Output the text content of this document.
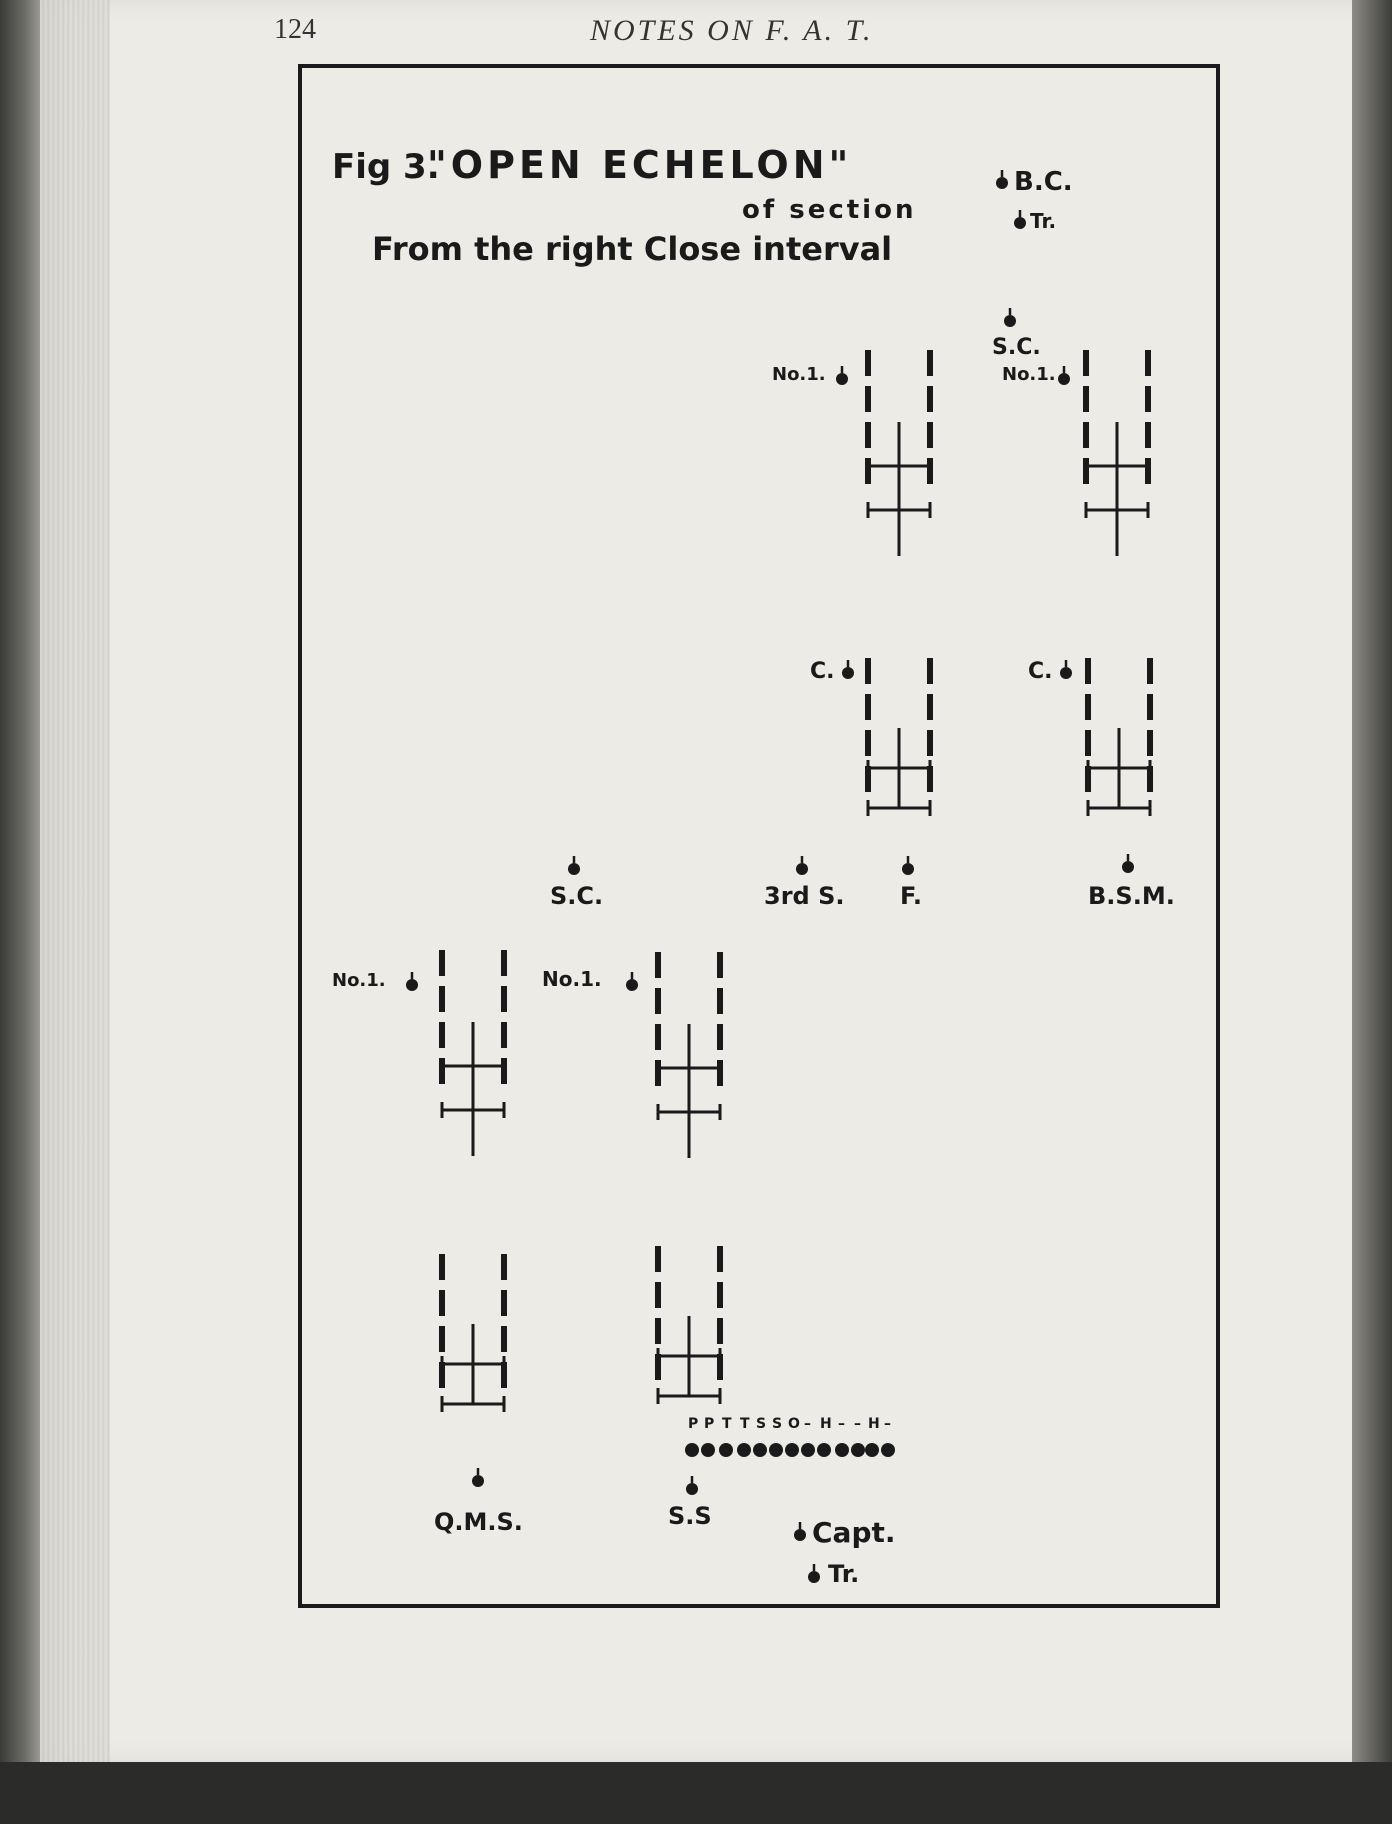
124	NOTES ON F. A. T.
Fig 3.
"OPEN ECHELON"
of section
From the right Close interval
B.C.
Tr.
S.C.
No.1.	No.1.
C.	C.
S.C.	3rd S. F.	B.S.M.
No.1.	No.1.
P P T T S S O – H – – H –
Q.M.S.	S.S	Capt.
Tr.
